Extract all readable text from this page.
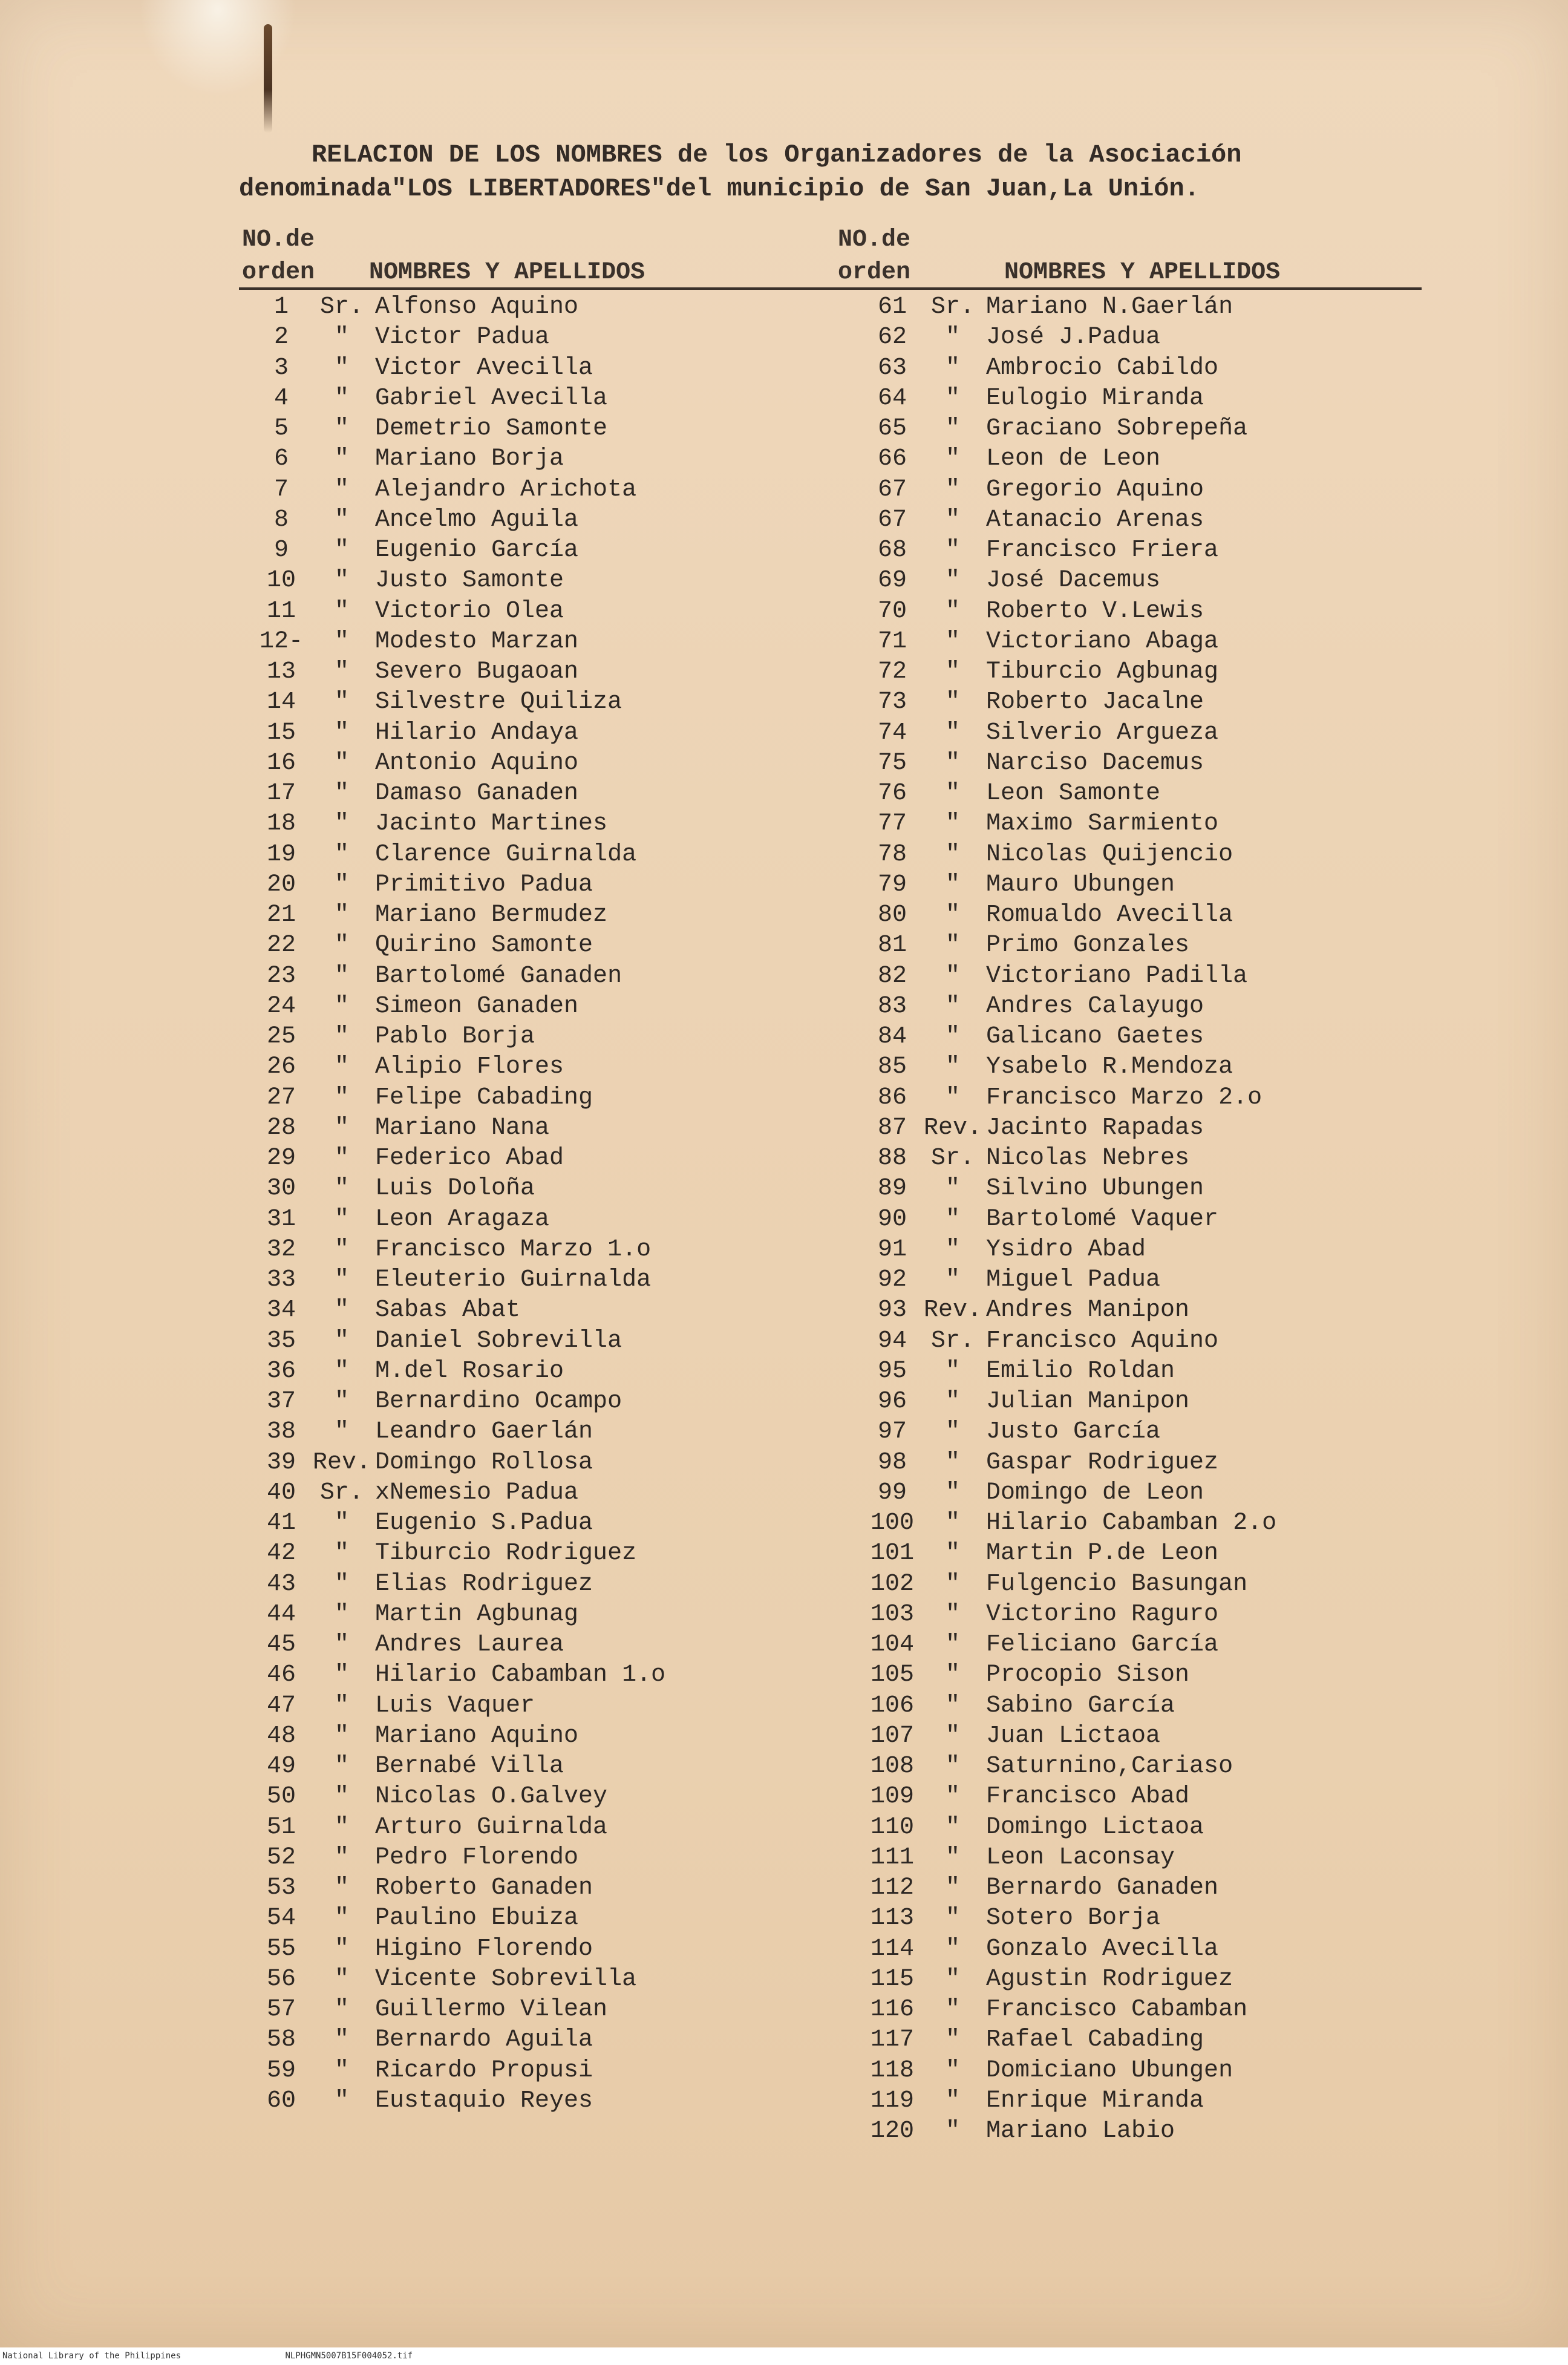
RELACION DE LOS NOMBRES de los Organizadores de la Asociación
denominada"LOS LIBERTADORES"del municipio de San Juan,La Unión.
NO.de
orden NOMBRES Y APELLIDOS
NO.de
orden	NOMBRES Y APELLIDOS
1	Sr. Alfonso Aquino
2	"	Victor Padua
3	"	Victor Avecilla
4	"	Gabriel Avecilla
5	"	Demetrio Samonte
6	"	Mariano Borja
7	"	Alejandro Arichota
8	"	Ancelmo Aguila
9	"	Eugenio García
10	"	Justo Samonte
11	"	Victorio Olea
12-	"	Modesto Marzan
13	"	Severo Bugaoan
14	"	Silvestre Quiliza
15	"	Hilario Andaya
16	"	Antonio Aquino
17	"	Damaso Ganaden
18	"	Jacinto Martines
19	"	Clarence Guirnalda
20	"	Primitivo Padua
21	"	Mariano Bermudez
22	"	Quirino Samonte
23	"	Bartolomé Ganaden
24	"	Simeon Ganaden
25	"	Pablo Borja
26	"	Alipio Flores
27	"	Felipe Cabading
28	"	Mariano Nana
29	"	Federico Abad
30	"	Luis Doloña
31	"	Leon Aragaza
32	"	Francisco Marzo 1.o
33	"	Eleuterio Guirnalda
34	"	Sabas Abat
35	"	Daniel Sobrevilla
36	"	M.del Rosario
37	"	Bernardino Ocampo
38	"	Leandro Gaerlán
39 Rev. Domingo Rollosa
40 Sr. xNemesio Padua
41	"	Eugenio S.Padua
42	"	Tiburcio Rodriguez
43	"	Elias Rodriguez
44	"	Martin Agbunag
45	"	Andres Laurea
46	"	Hilario Cabamban 1.o
47	"	Luis Vaquer
48	"	Mariano Aquino
49	"	Bernabé Villa
50	"	Nicolas O.Galvey
51	"	Arturo Guirnalda
52	"	Pedro Florendo
53	"	Roberto Ganaden
54	"	Paulino Ebuiza
55	"	Higino Florendo
56	"	Vicente Sobrevilla
57	"	Guillermo Vilean
58	"	Bernardo Aguila
59	"	Ricardo Propusi
60	"	Eustaquio Reyes
61 Sr. Mariano N.Gaerlán
62	"	José J.Padua
63	"	Ambrocio Cabildo
64	"	Eulogio Miranda
65	"	Graciano Sobrepeña
66	"	Leon de Leon
67	"	Gregorio Aquino
67	"	Atanacio Arenas
68	"	Francisco Friera
69	"	José Dacemus
70	"	Roberto V.Lewis
71	"	Victoriano Abaga
72	"	Tiburcio Agbunag
73	"	Roberto Jacalne
74	"	Silverio Argueza
75	"	Narciso Dacemus
76	"	Leon Samonte
77	"	Maximo Sarmiento
78	"	Nicolas Quijencio
79	"	Mauro Ubungen
80	"	Romualdo Avecilla
81	"	Primo Gonzales
82	"	Victoriano Padilla
83	"	Andres Calayugo
84	"	Galicano Gaetes
85	"	Ysabelo R.Mendoza
86	"	Francisco Marzo 2.o
87 Rev. Jacinto Rapadas
88 Sr. Nicolas Nebres
89	"	Silvino Ubungen
90	"	Bartolomé Vaquer
91	"	Ysidro Abad
92	"	Miguel Padua
93 Rev. Andres Manipon
94 Sr. Francisco Aquino
95	"	Emilio Roldan
96	"	Julian Manipon
97	"	Justo García
98	"	Gaspar Rodriguez
99	"	Domingo de Leon
100	"	Hilario Cabamban 2.o
101	"	Martin P.de Leon
102	"	Fulgencio Basungan
103	"	Victorino Raguro
104	"	Feliciano García
105	"	Procopio Sison
106	"	Sabino García
107	"	Juan Lictaoa
108	"	Saturnino,Cariaso
109	"	Francisco Abad
110	"	Domingo Lictaoa
111	"	Leon Laconsay
112	"	Bernardo Ganaden
113	"	Sotero Borja
114	"	Gonzalo Avecilla
115	"	Agustin Rodriguez
116	"	Francisco Cabamban
117	"	Rafael Cabading
118	"	Domiciano Ubungen
119	"	Enrique Miranda
120	"	Mariano Labio
National Library of the Philippines	NLPHGMN5007B15F004052.tif
